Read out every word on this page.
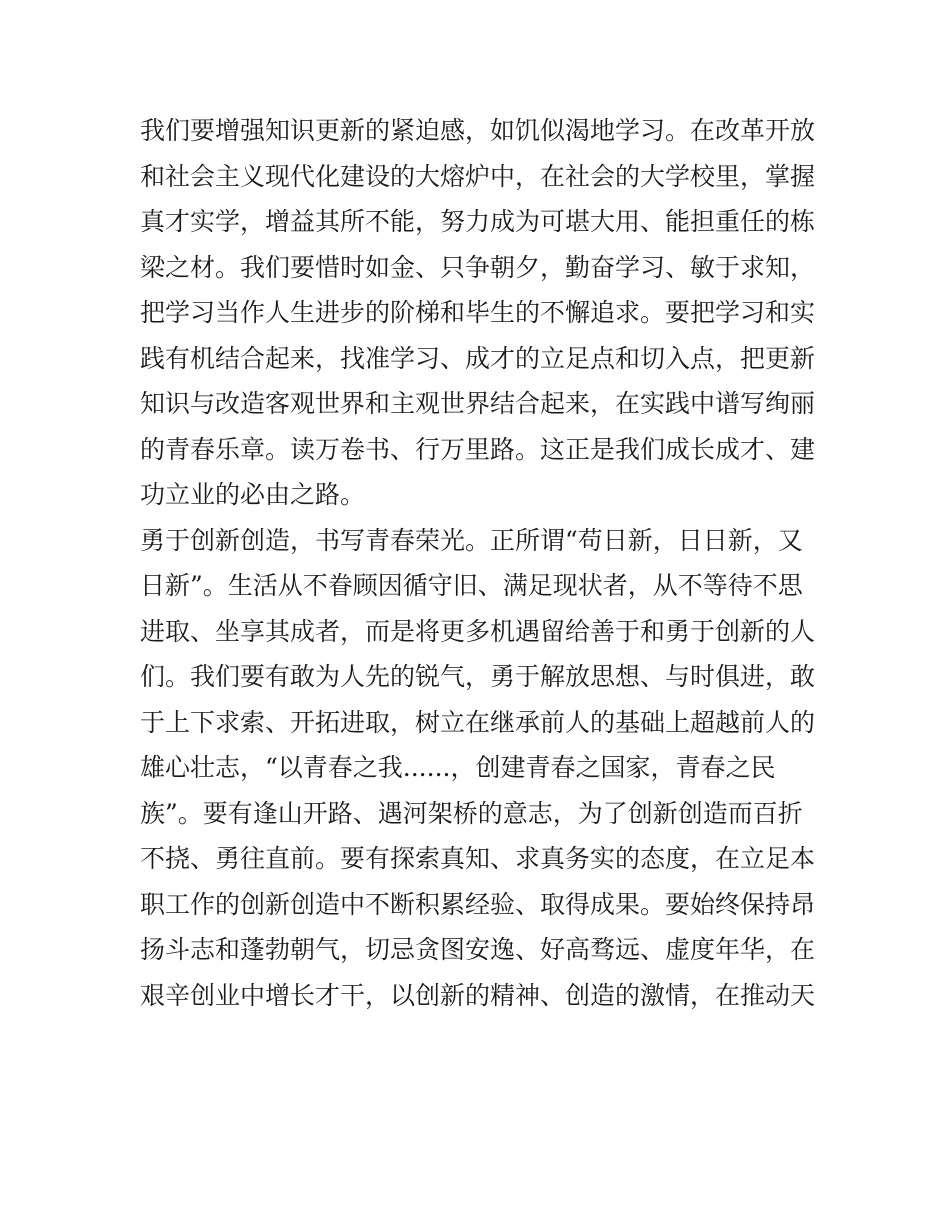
我们要增强知识更新的紧迫感，如饥似渴地学习。在改革开放

和社会主义现代化建设的大熔炉中，在社会的大学校里，掌握

真才实学，增益其所不能，努力成为可堪大用、能担重任的栋

梁之材。我们要惜时如金、只争朝夕，勤奋学习、敏于求知，

把学习当作人生进步的阶梯和毕生的不懈追求。要把学习和实

践有机结合起来，找准学习、成才的立足点和切入点，把更新

知识与改造客观世界和主观世界结合起来，在实践中谱写绚丽

的青春乐章。读万卷书、行万里路。这正是我们成长成才、建

功立业的必由之路。

勇于创新创造，书写青春荣光。正所谓“苟日新，日日新，又

日新”。生活从不眷顾因循守旧、满足现状者，从不等待不思

进取、坐享其成者，而是将更多机遇留给善于和勇于创新的人

们。我们要有敢为人先的锐气，勇于解放思想、与时俱进，敢

于上下求索、开拓进取，树立在继承前人的基础上超越前人的

雄心壮志，“以青春之我......，创建青春之国家，青春之民

族”。要有逢山开路、遇河架桥的意志，为了创新创造而百折

不挠、勇往直前。要有探索真知、求真务实的态度，在立足本

职工作的创新创造中不断积累经验、取得成果。要始终保持昂

扬斗志和蓬勃朝气，切忌贪图安逸、好高骛远、虚度年华，在

艰辛创业中增长才干，以创新的精神、创造的激情，在推动天
